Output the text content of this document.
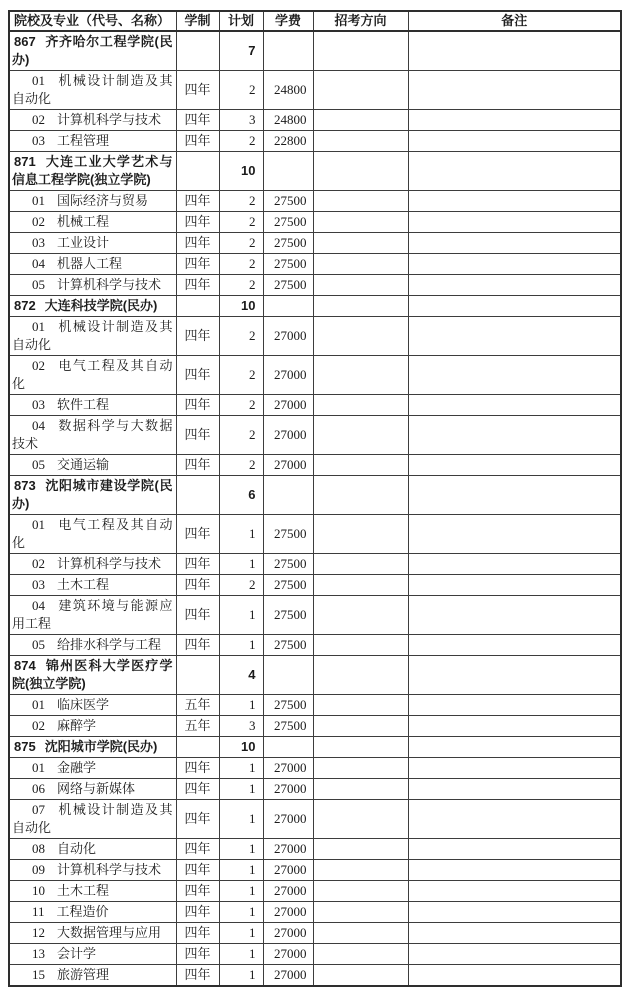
院校及专业（代号、名称）	学制	计划	学费	招考方向	备注
867 齐齐哈尔工程学院(民办)		7			
01 机械设计制造及其自动化	四年	2	24800		
02 计算机科学与技术	四年	3	24800		
03 工程管理	四年	2	22800		
871 大连工业大学艺术与信息工程学院(独立学院)		10			
01 国际经济与贸易	四年	2	27500		
02 机械工程	四年	2	27500		
03 工业设计	四年	2	27500		
04 机器人工程	四年	2	27500		
05 计算机科学与技术	四年	2	27500		
872 大连科技学院(民办)		10			
01 机械设计制造及其自动化	四年	2	27000		
02 电气工程及其自动化	四年	2	27000		
03 软件工程	四年	2	27000		
04 数据科学与大数据技术	四年	2	27000		
05 交通运输	四年	2	27000		
873 沈阳城市建设学院(民办)		6			
01 电气工程及其自动化	四年	1	27500		
02 计算机科学与技术	四年	1	27500		
03 土木工程	四年	2	27500		
04 建筑环境与能源应用工程	四年	1	27500		
05 给排水科学与工程	四年	1	27500		
874 锦州医科大学医疗学院(独立学院)		4			
01 临床医学	五年	1	27500		
02 麻醉学	五年	3	27500		
875 沈阳城市学院(民办)		10			
01 金融学	四年	1	27000		
06 网络与新媒体	四年	1	27000		
07 机械设计制造及其自动化	四年	1	27000		
08 自动化	四年	1	27000		
09 计算机科学与技术	四年	1	27000		
10 土木工程	四年	1	27000		
11 工程造价	四年	1	27000		
12 大数据管理与应用	四年	1	27000		
13 会计学	四年	1	27000		
15 旅游管理	四年	1	27000		
